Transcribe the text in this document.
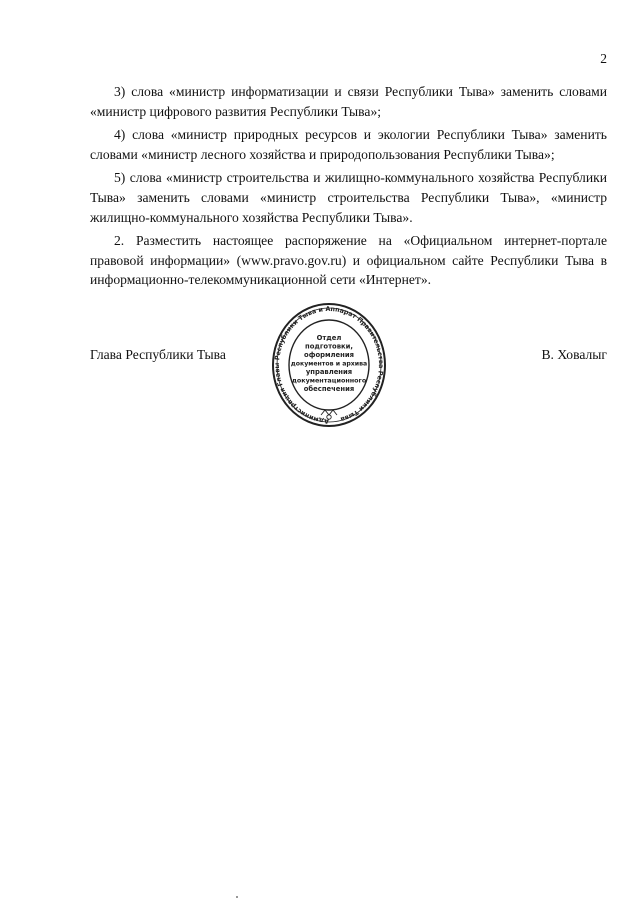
2

3) слова «министр информатизации и связи Республики Тыва» заменить словами «министр цифрового развития Республики Тыва»;

4) слова «министр природных ресурсов и экологии Республики Тыва» заменить словами «министр лесного хозяйства и природопользования Республики Тыва»;

5) слова «министр строительства и жилищно-коммунального хозяйства Республики Тыва» заменить словами «министр строительства Республики Тыва», «министр жилищно-коммунального хозяйства Республики Тыва».

2. Разместить настоящее распоряжение на «Официальном интернет-портале правовой информации» (www.pravo.gov.ru) и официальном сайте Республики Тыва в информационно-телекоммуникационной сети «Интернет».

Глава Республики Тыва
Администрация Главы Республики Тыва и Аппарат Правительства Республики Тыва
Отдел
подготовки,
оформления
документов и архива
управления
документационного
обеспечения
В. Ховалыг
